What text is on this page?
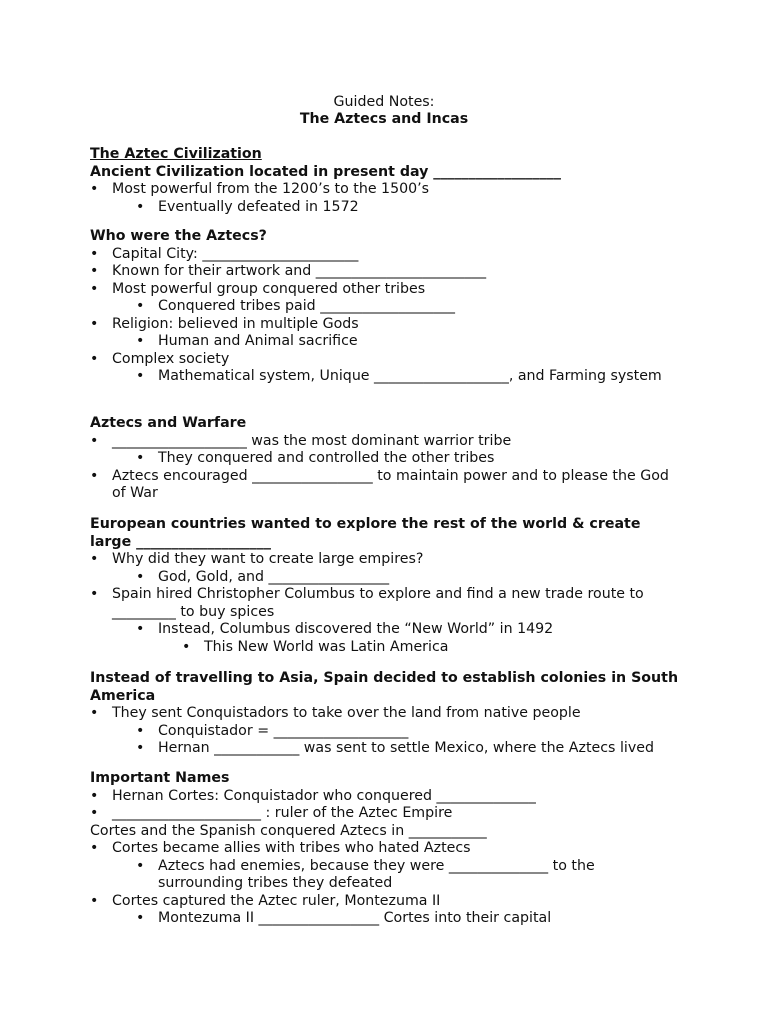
Guided Notes:
The Aztecs and Incas
The Aztec Civilization
Ancient Civilization located in present day __________________
• Most powerful from the 1200’s to the 1500’s
• Eventually defeated in 1572
Who were the Aztecs?
• Capital City: ______________________
• Known for their artwork and ________________________
• Most powerful group conquered other tribes
• Conquered tribes paid ___________________
• Religion: believed in multiple Gods
• Human and Animal sacrifice
• Complex society
• Mathematical system, Unique ___________________, and Farming system
Aztecs and Warfare
• ___________________ was the most dominant warrior tribe
• They conquered and controlled the other tribes
• Aztecs encouraged _________________ to maintain power and to please the God of War
European countries wanted to explore the rest of the world & create large ___________________
• Why did they want to create large empires?
• God, Gold, and _________________
• Spain hired Christopher Columbus to explore and find a new trade route to _________ to buy spices
• Instead, Columbus discovered the “New World” in 1492
• This New World was Latin America
Instead of travelling to Asia, Spain decided to establish colonies in South America
• They sent Conquistadors to take over the land from native people
• Conquistador = ___________________
• Hernan ____________ was sent to settle Mexico, where the Aztecs lived
Important Names
• Hernan Cortes: Conquistador who conquered ______________
• _____________________ : ruler of the Aztec Empire
Cortes and the Spanish conquered Aztecs in ___________
• Cortes became allies with tribes who hated Aztecs
• Aztecs had enemies, because they were ______________ to the surrounding tribes they defeated
• Cortes captured the Aztec ruler, Montezuma II
• Montezuma II _________________ Cortes into their capital
